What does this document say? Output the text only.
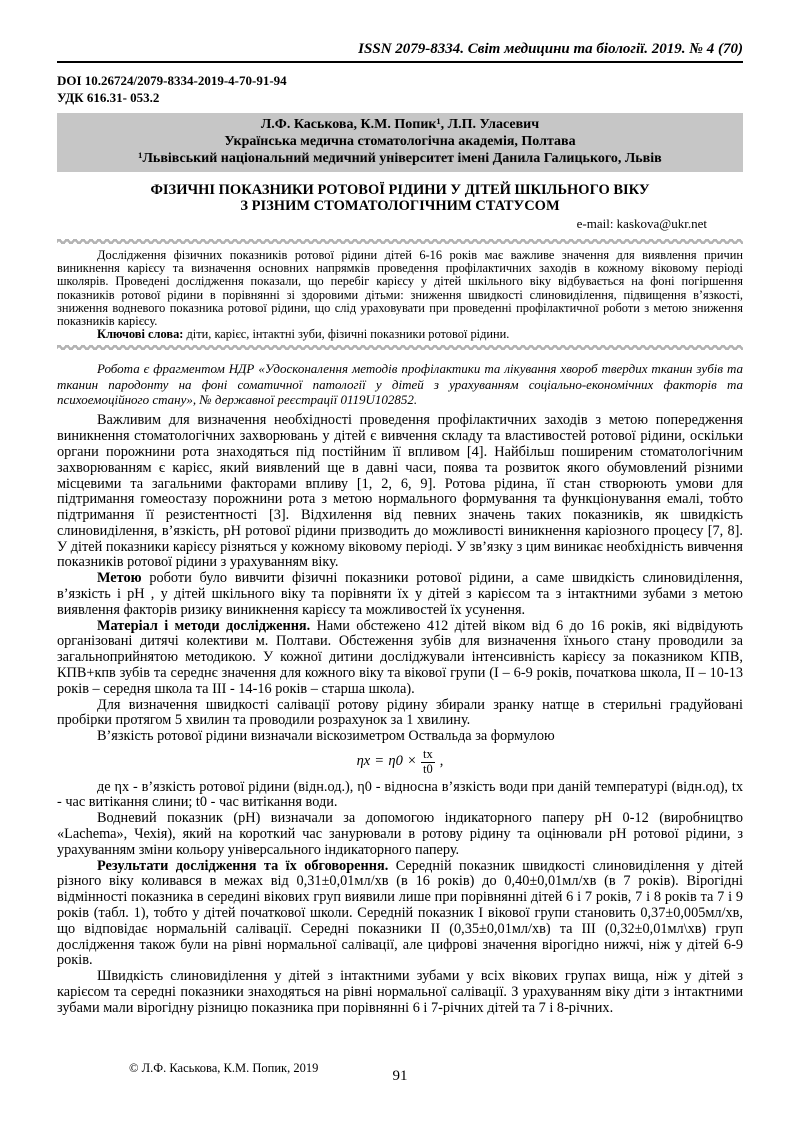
ISSN 2079-8334. Світ медицини та біології. 2019. № 4 (70)
DOI 10.26724/2079-8334-2019-4-70-91-94
УДК 616.31- 053.2
Л.Ф. Каськова, К.М. Попик¹, Л.П. Уласевич
Українська медична стоматологічна академія, Полтава
¹Львівський національний медичний університет імені Данила Галицького, Львів
ФІЗИЧНІ ПОКАЗНИКИ РОТОВОЇ РІДИНИ У ДІТЕЙ ШКІЛЬНОГО ВІКУ
З РІЗНИМ СТОМАТОЛОГІЧНИМ СТАТУСОМ
e-mail: kaskova@ukr.net

Дослідження фізичних показників ротової рідини дітей 6-16 років має важливе значення для виявлення причин виникнення карієсу та визначення основних напрямків проведення профілактичних заходів в кожному віковому періоді школярів. Проведені дослідження показали, що перебіг карієсу у дітей шкільного віку відбувається на фоні погіршення показників ротової рідини в порівнянні зі здоровими дітьми: зниження швидкості слиновиділення, підвищення в’язкості, зниження водневого показника ротової рідини, що слід ураховувати при проведенні профілактичної роботи з метою зниження показників карієсу.

Ключові слова: діти, карієс, інтактні зуби, фізичні показники ротової рідини.

Робота є фрагментом НДР «Удосконалення методів профілактики та лікування хвороб твердих тканин зубів та тканин пародонту на фоні соматичної патології у дітей з урахуванням соціально-економічних факторів та психоемоційного стану», № державної реєстрації 0119U102852.

Важливим для визначення необхідності проведення профілактичних заходів з метою попередження виникнення стоматологічних захворювань у дітей є вивчення складу та властивостей ротової рідини, оскільки органи порожнини рота знаходяться під постійним її впливом [4]. Найбільш поширеним стоматологічним захворюванням є карієс, який виявлений ще в давні часи, поява та розвиток якого обумовлений різними місцевими та загальними факторами впливу [1, 2, 6, 9]. Ротова рідина, її стан створюють умови для підтримання гомеостазу порожнини рота з метою нормального формування та функціонування емалі, тобто підтримання її резистентності [3]. Відхилення від певних значень таких показників, як швидкість слиновиділення, в’язкість, рН ротової рідини призводить до можливості виникнення каріозного процесу [7, 8]. У дітей показники карієсу різняться у кожному віковому періоді. У зв’язку з цим виникає необхідність вивчення показників ротової рідини з урахуванням віку.

Метою роботи було вивчити фізичні показники ротової рідини, а саме швидкість слиновиділення, в’язкість і рН , у дітей шкільного віку та порівняти їх у дітей з карієсом та з інтактними зубами з метою виявлення факторів ризику виникнення карієсу та можливостей їх усунення.

Матеріал і методи дослідження. Нами обстежено 412 дітей віком від 6 до 16 років, які відвідують організовані дитячі колективи м. Полтави. Обстеження зубів для визначення їхнього стану проводили за загальноприйнятою методикою. У кожної дитини досліджували інтенсивність карієсу за показником КПВ, КПВ+кпв зубів та середнє значення для кожного віку та вікової групи (І – 6-9 років, початкова школа, ІІ – 10-13 років – середня школа та ІІІ - 14-16 років – старша школа).

Для визначення швидкості салівації ротову рідину збирали зранку натще в стерильні градуйовані пробірки протягом 5 хвилин та проводили розрахунок за 1 хвилину.

В’язкість ротової рідини визначали віскозиметром Оствальда за формулою

$\eta x = \eta 0 \times \frac{tx}{t0}$ ,

де ηx - в’язкість ротової рідини (відн.од.), η0 - відносна в’язкість води при даній температурі (відн.од), tx - час витікання слини; t0 - час витікання води.

Водневий показник (рН) визначали за допомогою індикаторного паперу рН 0-12 (виробництво «Lachema», Чехія), який на короткий час занурювали в ротову рідину та оцінювали рН ротової рідини, з урахуванням зміни кольору універсального індикаторного паперу.

Результати дослідження та їх обговорення. Середній показник швидкості слиновиділення у дітей різного віку коливався в межах від 0,31±0,01мл/хв (в 16 років) до 0,40±0,01мл/хв (в 7 років). Вірогідні відмінності показника в середині вікових груп виявили лише при порівнянні дітей 6 і 7 років, 7 і 8 років та 7 і 9 років (табл. 1), тобто у дітей початкової школи. Середній показник І вікової групи становить 0,37±0,005мл/хв, що відповідає нормальній салівації. Середні показники ІІ (0,35±0,01мл/хв) та ІІІ (0,32±0,01мл\хв) груп дослідження також були на рівні нормальної салівації, але цифрові значення вірогідно нижчі, ніж у дітей 6-9 років.

Швидкість слиновиділення у дітей з інтактними зубами у всіх вікових групах вища, ніж у дітей з карієсом та середні показники знаходяться на рівні нормальної салівації. З урахуванням віку діти з інтактними зубами мали вірогідну різницю показника при порівнянні 6 і 7-річних дітей та 7 і 8-річних.

© Л.Ф. Каськова, К.М. Попик, 2019	91
